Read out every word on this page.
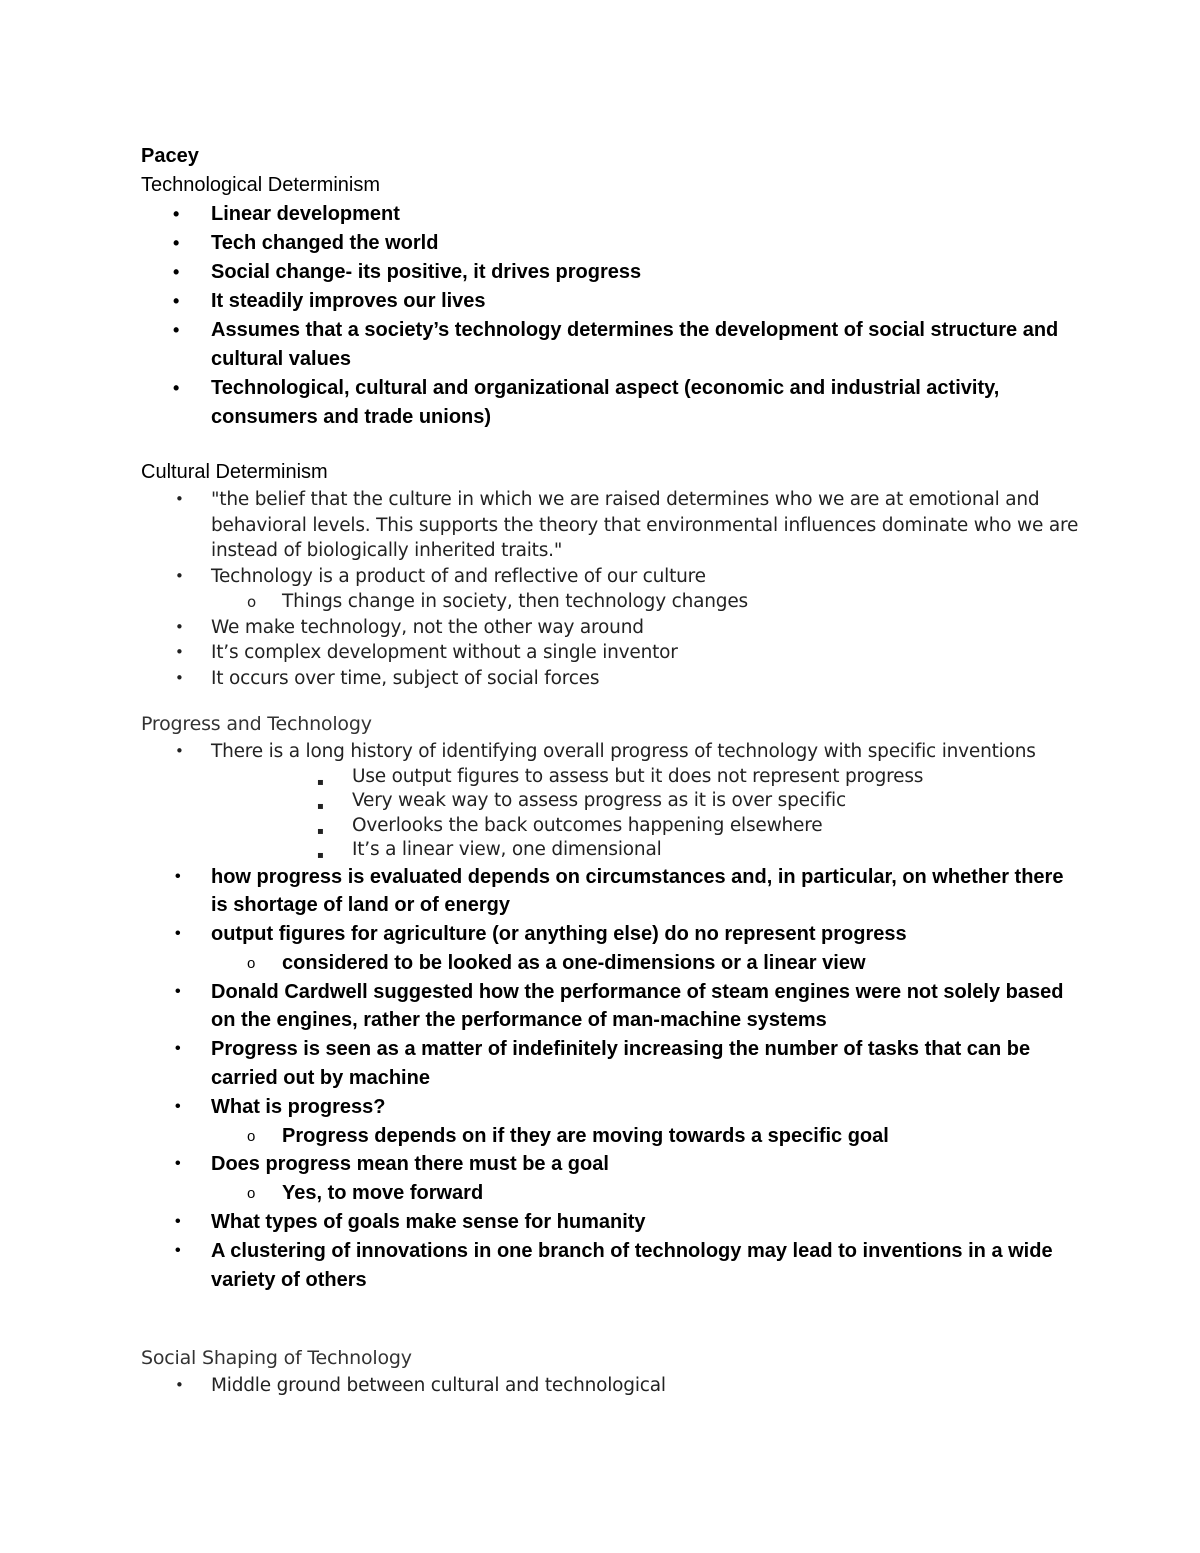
Pacey
Technological Determinism
• Linear development
• Tech changed the world
• Social change- its positive, it drives progress
• It steadily improves our lives
• Assumes that a society’s technology determines the development of social structure and cultural values
• Technological, cultural and organizational aspect (economic and industrial activity, consumers and trade unions)
Cultural Determinism
• "the belief that the culture in which we are raised determines who we are at emotional and behavioral levels. This supports the theory that environmental influences dominate who we are instead of biologically inherited traits."
• Technology is a product of and reflective of our culture
o Things change in society, then technology changes
• We make technology, not the other way around
• It’s complex development without a single inventor
• It occurs over time, subject of social forces
Progress and Technology
• There is a long history of identifying overall progress of technology with specific inventions
▪ Use output figures to assess but it does not represent progress
▪ Very weak way to assess progress as it is over specific
▪ Overlooks the back outcomes happening elsewhere
▪ It’s a linear view, one dimensional
• how progress is evaluated depends on circumstances and, in particular, on whether there is shortage of land or of energy
• output figures for agriculture (or anything else) do no represent progress
o considered to be looked as a one-dimensions or a linear view
• Donald Cardwell suggested how the performance of steam engines were not solely based on the engines, rather the performance of man-machine systems
• Progress is seen as a matter of indefinitely increasing the number of tasks that can be carried out by machine
• What is progress?
o Progress depends on if they are moving towards a specific goal
• Does progress mean there must be a goal
o Yes, to move forward
• What types of goals make sense for humanity
• A clustering of innovations in one branch of technology may lead to inventions in a wide variety of others
Social Shaping of Technology
• Middle ground between cultural and technological
